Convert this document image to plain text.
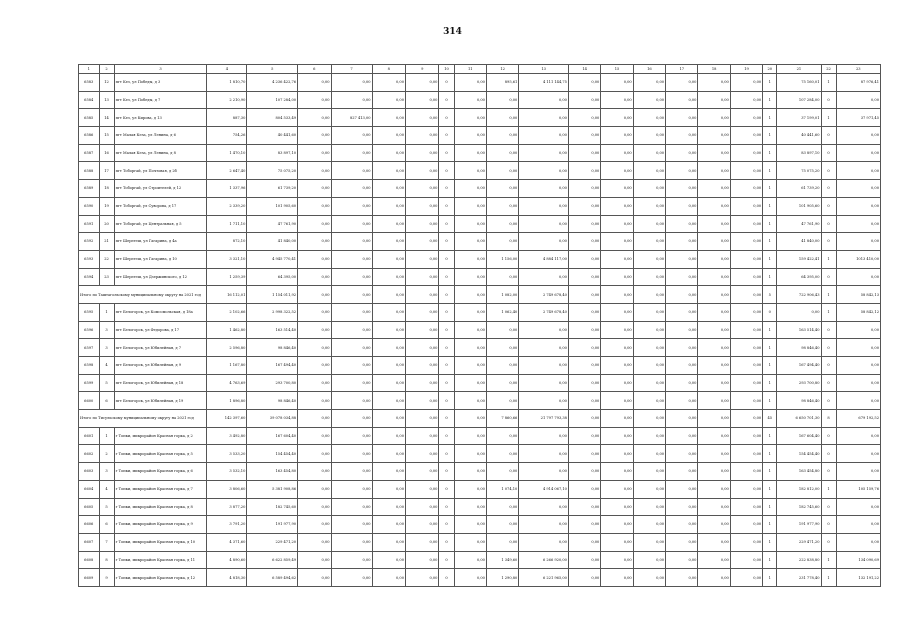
314
1	2	3	4	5	6	7	8	9	10	11	12	13	14	15	16	17	18	19	20	21	22	23
6583	12	пгт Кез, ул Победы, д 3	1 810,70	4 236 422,76	0,00	0,00	0,00	0,00	0	0,00	895,61	4 111 144,75	0,00	0,00	0,00	0,00	0,00	0,00	1	75 160,01	1	87 976,41
6584	13	пгт Кез, ул Победы, д 7	2 210,90	107 284,00	0,00	0,00	0,00	0,00	0	0,00	0,00	0,00	0,00	0,00	0,00	0,00	0,00	0,00	1	107 284,00	0	0,00
6585	14	пгт Кез, ул Кирова, д 13	887,30	804 533,49	0,00	827 413,00	0,00	0,00	0	0,00	0,00	0,00	0,00	0,00	0,00	0,00	0,00	0,00	1	37 199,01	1	37 971,45
6586	15	пгт Малая Кеза, ул Ленина, д 6	754,26	40 441,60	0,00	0,00	0,00	0,00	0	0,00	0,00	0,00	0,00	0,00	0,00	0,00	0,00	0,00	1	40 441,60	0	0,00
6587	16	пгт Малая Кеза, ул Ленина, д 8	1 470,10	83 897,10	0,00	0,00	0,00	0,00	0	0,00	0,00	0,00	0,00	0,00	0,00	0,00	0,00	0,00	1	83 897,10	0	0,00
6588	17	пгт Тоборгай, ул Почтовая, д 2б	2 647,40	75 075,20	0,00	0,00	0,00	0,00	0	0,00	0,00	0,00	0,00	0,00	0,00	0,00	0,00	0,00	1	75 075,20	0	0,00
6589	18	пгт Тоборгай, ул Строителей, д 12	1 337,96	61 739,20	0,00	0,00	0,00	0,00	0	0,00	0,00	0,00	0,00	0,00	0,00	0,00	0,00	0,00	1	61 739,20	0	0,00
6590	19	пгт Тоборгай, ул Суворова, д 17	2 339,20	101 905,60	0,00	0,00	0,00	0,00	0	0,00	0,00	0,00	0,00	0,00	0,00	0,00	0,00	0,00	1	101 905,60	0	0,00
6591	20	пгт Тоборгай, ул Центральная, д 5	1 711,10	47 761,90	0,00	0,00	0,00	0,00	0	0,00	0,00	0,00	0,00	0,00	0,00	0,00	0,00	0,00	1	47 761,90	0	0,00
6592	21	пгт Шерегеш, ул Гагарина, д 4а	872,10	41 840,00	0,00	0,00	0,00	0,00	0	0,00	0,00	0,00	0,00	0,00	0,00	0,00	0,00	0,00	1	41 840,00	0	0,00
6593	22	пгт Шерегеш, ул Гагарина, д 10	3 321,10	4 945 770,41	0,00	0,00	0,00	0,00	0	0,00	1 156,00	4 884 117,00	0,00	0,00	0,00	0,00	0,00	0,00	1	159 422,41	1	1013 410,00
6594	23	пгт Шерегеш, ул Дзержинского, д 12	1 259,39	64 395,00	0,00	0,00	0,00	0,00	0	0,00	0,00	0,00	0,00	0,00	0,00	0,00	0,00	0,00	1	64 395,00	0	0,00
Итого по Таштагольскому муниципальному округу на 2021 год			16 112,01	1 154 011,92	0,00	0,00	0,00	0,00	0	0,00	1 082,00	2 749 678,40	0,00	0,00	0,00	0,00	0,00	0,00	5	722 906,43	1	58 842,13
6595	1	пгт Белогорск, ул Комсомольская, д 18а	2 102,66	2 998 322,52	0,00	0,00	0,00	0,00	0	0,00	1 062,40	2 749 678,40	0,00	0,00	0,00	0,00	0,00	0,00	0	0,00	1	58 842,12
6596	3	пгт Белогорск, ул Федорова, д 17	1 462,80	163 514,40	0,00	0,00	0,00	0,00	0	0,00	0,00	0,00	0,00	0,00	0,00	0,00	0,00	0,00	1	163 514,40	0	0,00
6597	3	пгт Белогорск, ул Юбилейная, д 7	2 596,80	98 846,40	0,00	0,00	0,00	0,00	0	0,00	0,00	0,00	0,00	0,00	0,00	0,00	0,00	0,00	1	98 846,40	0	0,00
6598	4	пгт Белогорск, ул Юбилейная, д 9	1 167,80	167 494,40	0,00	0,00	0,00	0,00	0	0,00	0,00	0,00	0,00	0,00	0,00	0,00	0,00	0,00	1	167 494,40	0	0,00
6599	5	пгт Белогорск, ул Юбилейная, д 18	4 763,69	293 700,80	0,00	0,00	0,00	0,00	0	0,00	0,00	0,00	0,00	0,00	0,00	0,00	0,00	0,00	1	293 700,80	0	0,00
6600	6	пгт Белогорск, ул Юбилейная, д 19	1 896,80	98 846,40	0,00	0,00	0,00	0,00	0	0,00	0,00	0,00	0,00	0,00	0,00	0,00	0,00	0,00	1	98 846,40	0	0,00
Итого по Тисульскому муниципальному округу на 2021 год			142 397,60	39 078 034,88	0,00	0,00	0,00	0,00	0	0,00	7 860,66	21 797 793,38	0,00	0,00	0,00	0,00	0,00	0,00	45	6 650 701,30	8	679 192,52
6601	1	г Топки, микрорайон Красная горка, д 2	3 492,80	167 604,40	0,00	0,00	0,00	0,00	0	0,00	0,00	0,00	0,00	0,00	0,00	0,00	0,00	0,00	1	167 604,40	0	0,00
6602	2	г Топки, микрорайон Красная горка, д 5	3 533,20	154 454,40	0,00	0,00	0,00	0,00	0	0,00	0,00	0,00	0,00	0,00	0,00	0,00	0,00	0,00	1	154 454,40	0	0,00
6603	3	г Топки, микрорайон Красная горка, д 6	3 532,10	163 454,80	0,00	0,00	0,00	0,00	0	0,00	0,00	0,00	0,00	0,00	0,00	0,00	0,00	0,00	1	163 454,80	0	0,00
6604	4	г Топки, микрорайон Красная горка, д 7	3 806,60	5 381 908,86	0,00	0,00	0,00	0,00	0	0,00	1 074,10	4 914 067,10	0,00	0,00	0,00	0,00	0,00	0,00	1	182 812,00	1	105 159,76
6605	5	г Топки, микрорайон Красная горка, д 8	3 877,20	182 745,60	0,00	0,00	0,00	0,00	0	0,00	0,00	0,00	0,00	0,00	0,00	0,00	0,00	0,00	1	182 745,60	0	0,00
6606	6	г Топки, микрорайон Красная горка, д 9	3 791,20	191 977,90	0,00	0,00	0,00	0,00	0	0,00	0,00	0,00	0,00	0,00	0,00	0,00	0,00	0,00	1	191 977,90	0	0,00
6607	7	г Топки, микрорайон Красная горка, д 10	4 371,60	229 471,20	0,00	0,00	0,00	0,00	0	0,00	0,00	0,00	0,00	0,00	0,00	0,00	0,00	0,00	1	229 471,20	0	0,00
6608	8	г Топки, микрорайон Красная горка, д 11	4 890,60	6 622 859,49	0,00	0,00	0,00	0,00	0	0,00	1 349,60	6 266 920,00	0,00	0,00	0,00	0,00	0,00	0,00	1	222 838,80	1	134 090,69
6609	9	г Топки, микрорайон Красная горка, д 12	4 818,30	6 589 494,62	0,00	0,00	0,00	0,00	0	0,00	1 290,80	6 221 965,00	0,00	0,00	0,00	0,00	0,00	0,00	1	231 778,40	1	132 191,22
